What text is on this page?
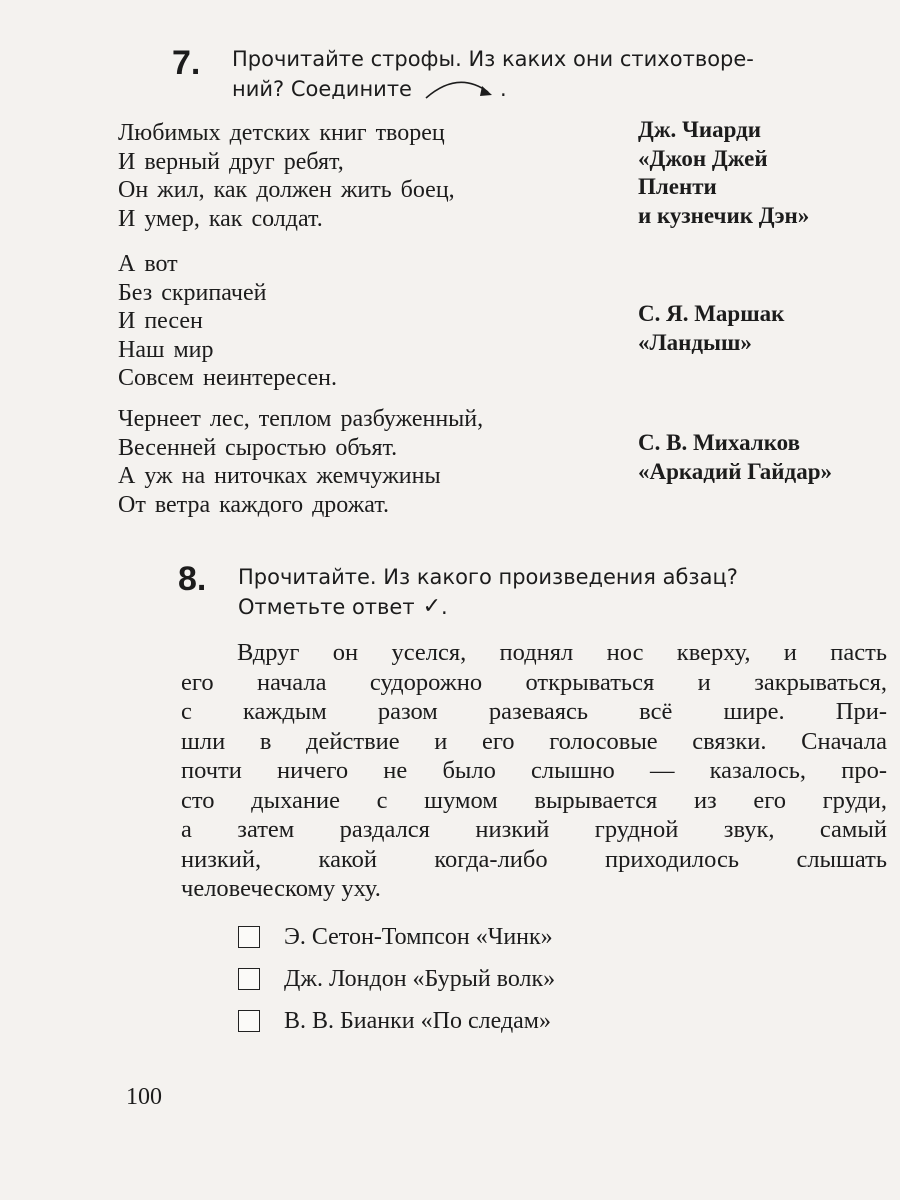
7. Прочитайте строфы. Из каких они стихотворе-
ний? Соедините	.
Любимых детских книг творец
И верный друг ребят,
Он жил, как должен жить боец,
И умер, как солдат.
А вот
Без скрипачей
И песен
Наш мир
Совсем неинтересен.
Чернеет лес, теплом разбуженный,
Весенней сыростью объят.
А уж на ниточках жемчужины
От ветра каждого дрожат.
Дж. Чиарди
«Джон Джей
Пленти
и кузнечик Дэн»
С. Я. Маршак
«Ландыш»
С. В. Михалков
«Аркадий Гайдар»
8. Прочитайте. Из какого произведения абзац?
Отметьте ответ ✓ .
Вдруг он уселся, поднял нос кверху, и пасть
его начала судорожно открываться и закрываться,
с каждым разом разеваясь всё шире. При-
шли в действие и его голосовые связки. Сначала
почти ничего не было слышно — казалось, про-
сто дыхание с шумом вырывается из его груди,
а затем раздался низкий грудной звук, самый
низкий, какой когда-либо приходилось слышать
человеческому уху.
Э. Сетон-Томпсон «Чинк»
Дж. Лондон «Бурый волк»
В. В. Бианки «По следам»
100
